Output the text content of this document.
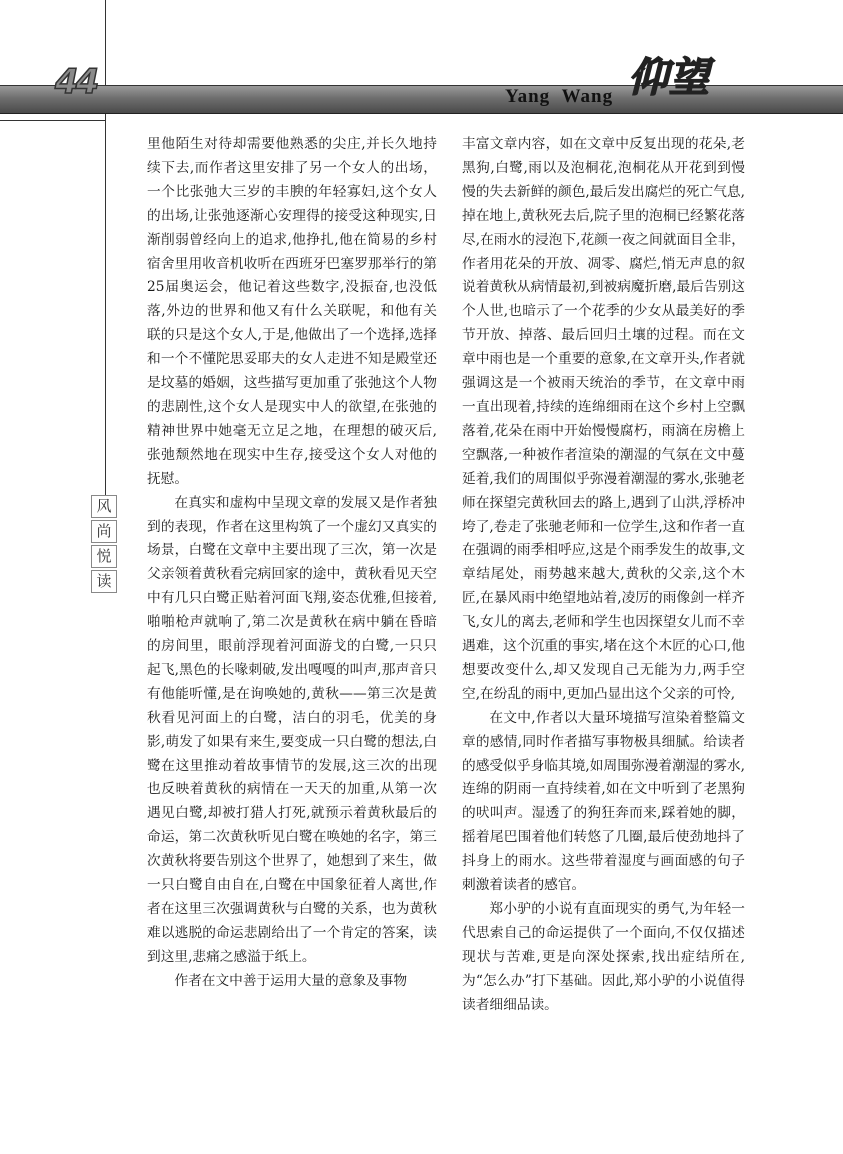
44	仰望
Yang Wang
风
尚
悦
读

里他陌生对待却需要他熟悉的尖庄,并长久地持续下去,而作者这里安排了另一个女人的出场，一个比张弛大三岁的丰腴的年轻寡妇,这个女人的出场,让张弛逐渐心安理得的接受这种现实,日渐削弱曾经向上的追求,他挣扎,他在简易的乡村宿舍里用收音机收听在西班牙巴塞罗那举行的第25届奥运会，他记着这些数字,没振奋,也没低落,外边的世界和他又有什么关联呢，和他有关联的只是这个女人,于是,他做出了一个选择,选择和一个不懂陀思妥耶夫的女人走进不知是殿堂还是坟墓的婚姻，这些描写更加重了张弛这个人物的悲剧性,这个女人是现实中人的欲望,在张弛的精神世界中她毫无立足之地，在理想的破灭后,张弛颓然地在现实中生存,接受这个女人对他的抚慰。

在真实和虚构中呈现文章的发展又是作者独到的表现，作者在这里构筑了一个虚幻又真实的场景，白鹭在文章中主要出现了三次，第一次是父亲领着黄秋看完病回家的途中，黄秋看见天空中有几只白鹭正贴着河面飞翔,姿态优雅,但接着,啪啪枪声就响了,第二次是黄秋在病中躺在昏暗的房间里，眼前浮现着河面游戈的白鹭,一只只起飞,黑色的长喙刺破,发出嘎嘎的叫声,那声音只有他能听懂,是在询唤她的,黄秋——第三次是黄秋看见河面上的白鹭，洁白的羽毛，优美的身影,萌发了如果有来生,要变成一只白鹭的想法,白鹭在这里推动着故事情节的发展,这三次的出现也反映着黄秋的病情在一天天的加重,从第一次遇见白鹭,却被打猎人打死,就预示着黄秋最后的命运，第二次黄秋听见白鹭在唤她的名字，第三次黄秋将要告别这个世界了，她想到了来生，做一只白鹭自由自在,白鹭在中国象征着人离世,作者在这里三次强调黄秋与白鹭的关系，也为黄秋难以逃脱的命运悲剧给出了一个肯定的答案，读到这里,悲痛之感溢于纸上。

作者在文中善于运用大量的意象及事物

丰富文章内容，如在文章中反复出现的花朵,老黑狗,白鹭,雨以及泡桐花,泡桐花从开花到到慢慢的失去新鲜的颜色,最后发出腐烂的死亡气息,掉在地上,黄秋死去后,院子里的泡桐已经繁花落尽,在雨水的浸泡下,花颜一夜之间就面目全非，作者用花朵的开放、凋零、腐烂,悄无声息的叙说着黄秋从病情最初,到被病魔折磨,最后告别这个人世,也暗示了一个花季的少女从最美好的季节开放、掉落、最后回归土壤的过程。而在文章中雨也是一个重要的意象,在文章开头,作者就强调这是一个被雨天统治的季节，在文章中雨一直出现着,持续的连绵细雨在这个乡村上空飘落着,花朵在雨中开始慢慢腐朽，雨滴在房檐上空飘落,一种被作者渲染的潮湿的气氛在文中蔓延着,我们的周围似乎弥漫着潮湿的雾水,张驰老师在探望完黄秋回去的路上,遇到了山洪,浮桥冲垮了,卷走了张驰老师和一位学生,这和作者一直在强调的雨季相呼应,这是个雨季发生的故事,文章结尾处，雨势越来越大,黄秋的父亲,这个木匠,在暴风雨中绝望地站着,凌厉的雨像剑一样齐飞,女儿的离去,老师和学生也因探望女儿而不幸遇难，这个沉重的事实,堵在这个木匠的心口,他想要改变什么,却又发现自己无能为力,两手空空,在纷乱的雨中,更加凸显出这个父亲的可怜,

在文中,作者以大量环境描写渲染着整篇文章的感情,同时作者描写事物极具细腻。给读者的感受似乎身临其境,如周围弥漫着潮湿的雾水,连绵的阴雨一直持续着,如在文中听到了老黑狗的吠叫声。湿透了的狗狂奔而来,踩着她的脚，摇着尾巴围着他们转悠了几圈,最后使劲地抖了抖身上的雨水。这些带着湿度与画面感的句子刺激着读者的感官。

郑小驴的小说有直面现实的勇气,为年轻一代思索自己的命运提供了一个面向,不仅仅描述现状与苦难,更是向深处探索,找出症结所在,为“怎么办”打下基础。因此,郑小驴的小说值得读者细细品读。
